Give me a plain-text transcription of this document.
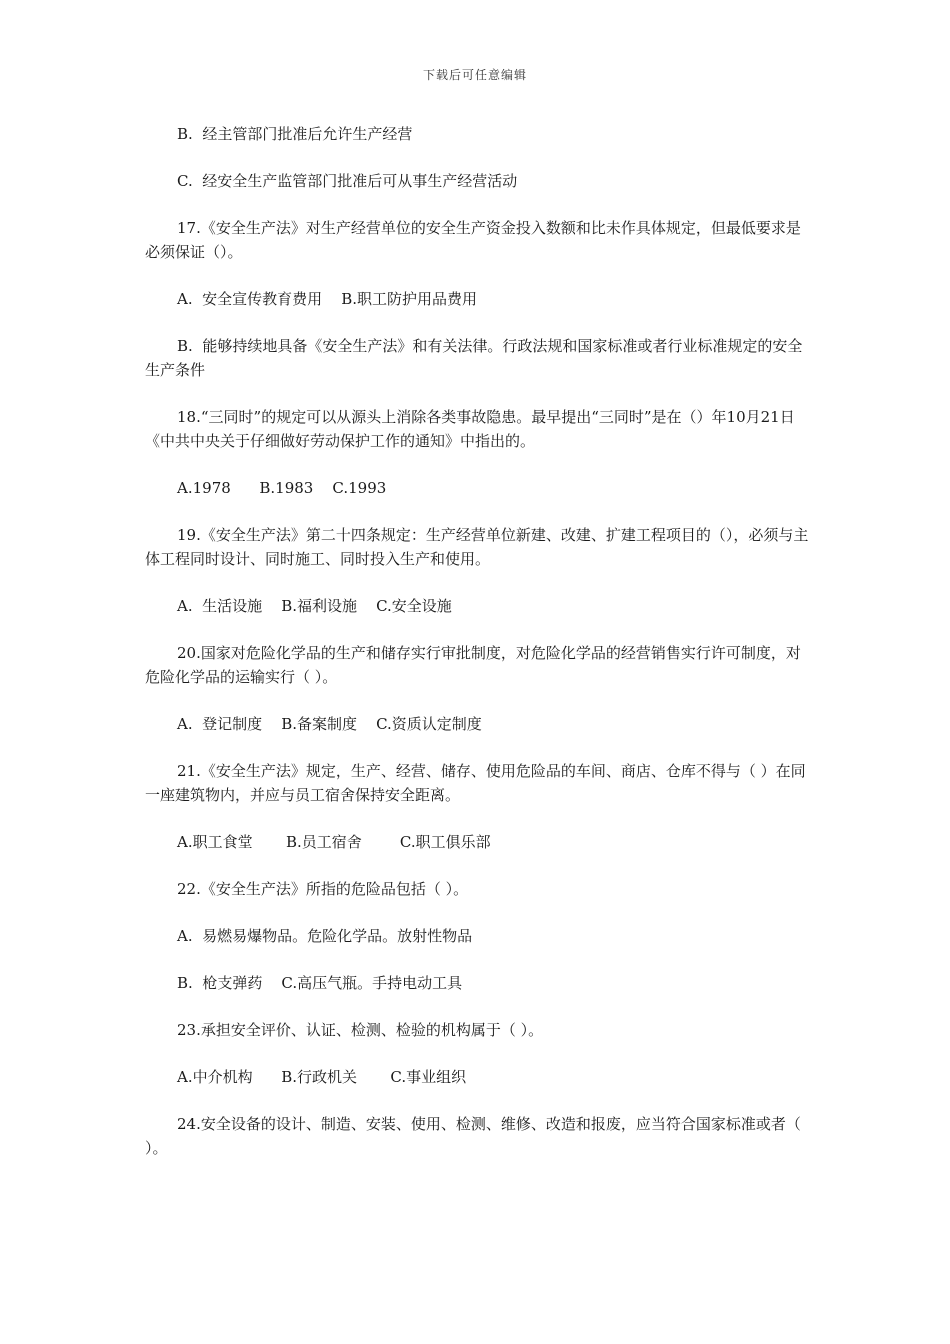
下载后可任意编辑

B.  经主管部门批准后允许生产经营

C.  经安全生产监管部门批准后可从事生产经营活动

17.《安全生产法》对生产经营单位的安全生产资金投入数额和比未作具体规定，但最低要求是必须保证（）。

A.  安全宣传教育费用    B.职工防护用品费用

B.  能够持续地具备《安全生产法》和有关法律。行政法规和国家标准或者行业标准规定的安全生产条件

18.“三同时”的规定可以从源头上消除各类事故隐患。最早提出“三同时”是在（）年10月21日《中共中央关于仔细做好劳动保护工作的通知》中指出的。

A.1978      B.1983    C.1993

19.《安全生产法》第二十四条规定：生产经营单位新建、改建、扩建工程项目的（），必须与主体工程同时设计、同时施工、同时投入生产和使用。

A.  生活设施    B.福利设施    C.安全设施

20.国家对危险化学品的生产和储存实行审批制度，对危险化学品的经营销售实行许可制度，对危险化学品的运输实行（ ）。

A.  登记制度    B.备案制度    C.资质认定制度

21.《安全生产法》规定，生产、经营、储存、使用危险品的车间、商店、仓库不得与（ ）在同一座建筑物内，并应与员工宿舍保持安全距离。

A.职工食堂       B.员工宿舍        C.职工俱乐部

22.《安全生产法》所指的危险品包括（ ）。

A.  易燃易爆物品。危险化学品。放射性物品

B.  枪支弹药    C.高压气瓶。手持电动工具

23.承担安全评价、认证、检测、检验的机构属于（ ）。

A.中介机构      B.行政机关       C.事业组织

24.安全设备的设计、制造、安装、使用、检测、维修、改造和报废，应当符合国家标准或者（ ）。
